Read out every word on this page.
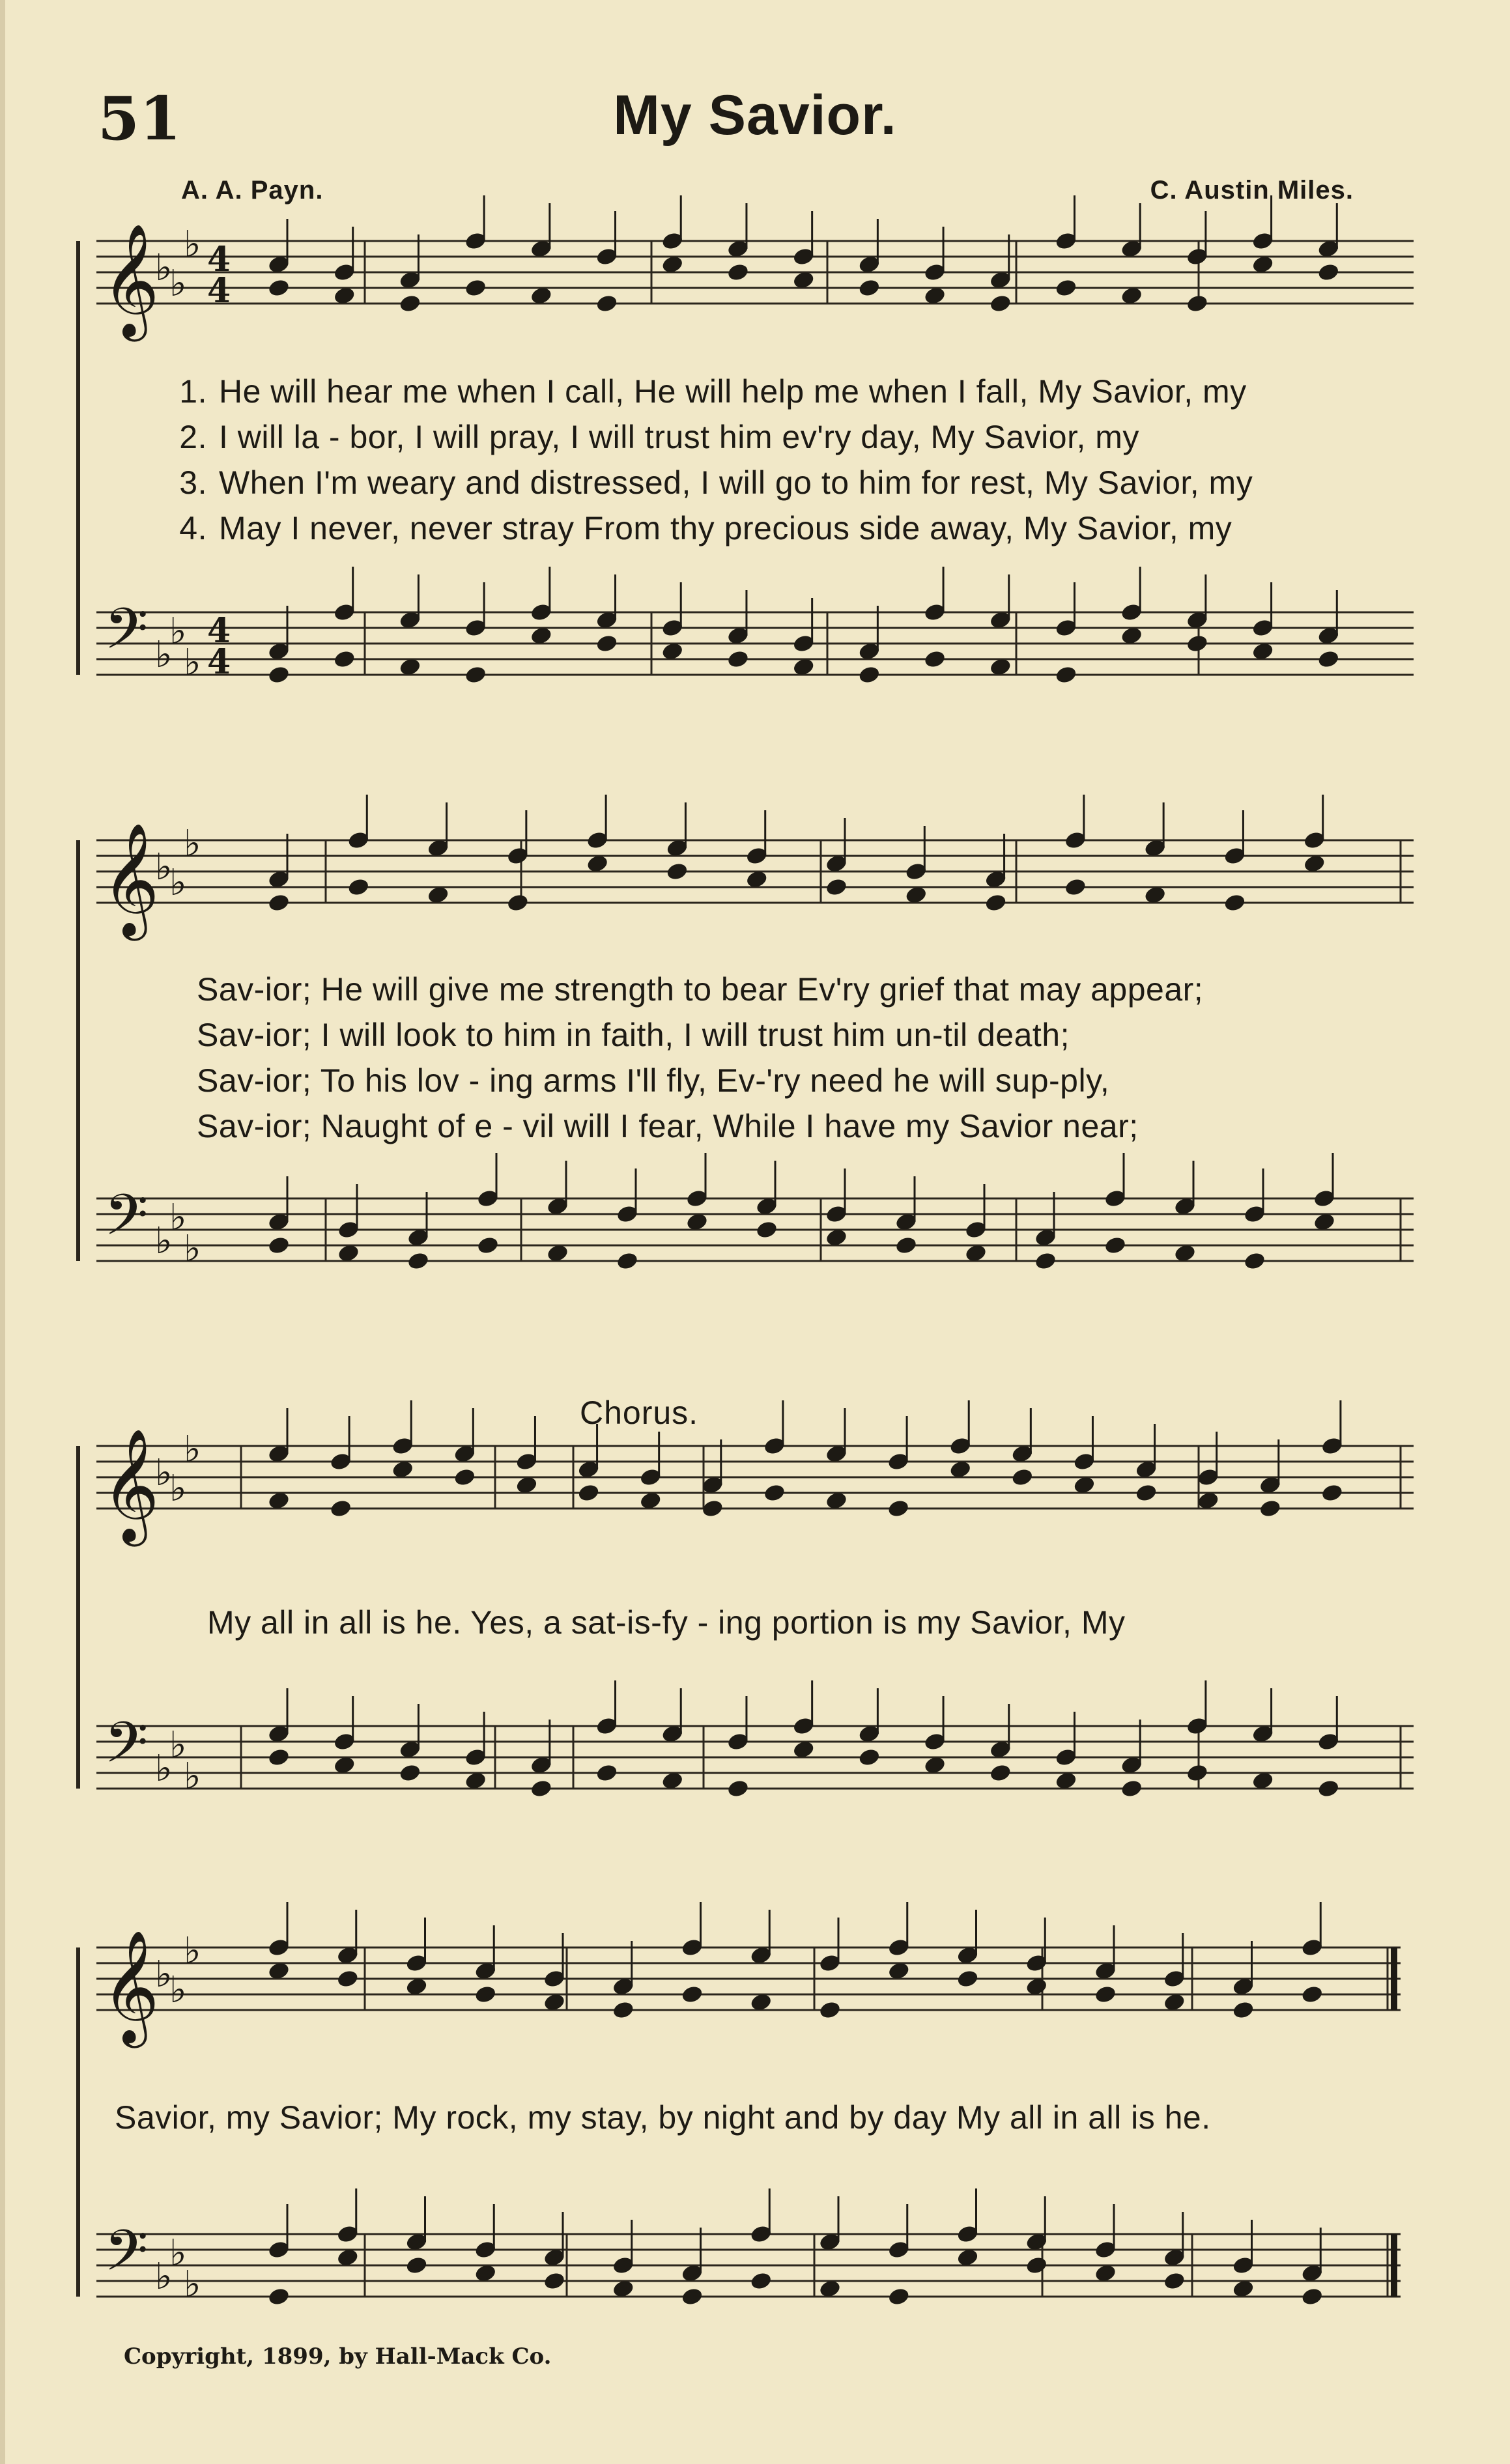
51	My Savior.
A. A. Payn.	C. Austin Miles.
𝄞
𝄢
♭
♭
♭
♭
♭
♭
4
4
4
4
𝄞
𝄢
♭
♭
♭
♭
♭
♭
𝄞
𝄢
♭
♭
♭
♭
♭
♭
𝄞
𝄢
♭
♭
♭
♭
♭
♭
1. He will hear me when I call, He will help me when I fall, My Savior, my
2. I will la - bor, I will pray, I will trust him ev'ry day, My Savior, my
3. When I'm weary and distressed, I will go to him for rest, My Savior, my
4. May I never, never stray From thy precious side away, My Savior, my
Sav-ior; He will give me strength to bear Ev'ry grief that may appear;
Sav-ior; I will look to him in faith, I will trust him un-til death;
Sav-ior; To his lov - ing arms I'll fly, Ev-'ry need he will sup-ply,
Sav-ior; Naught of e - vil will I fear, While I have my Savior near;
Chorus.
My all in all is he. Yes, a sat-is-fy - ing portion is my Savior, My
Savior, my Savior; My rock, my stay, by night and by day My all in all is he.
Copyright, 1899, by Hall-Mack Co.
